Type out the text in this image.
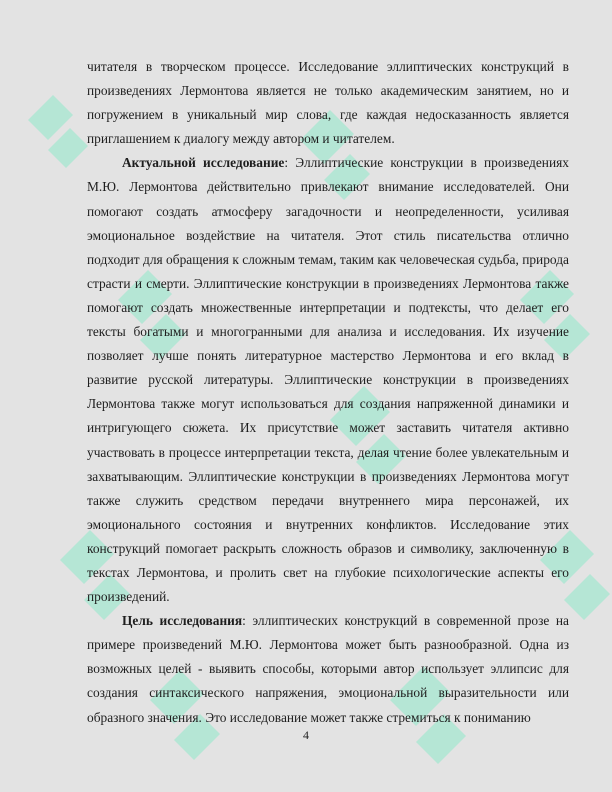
читателя в творческом процессе. Исследование эллиптических конструкций в произведениях Лермонтова является не только академическим занятием, но и погружением в уникальный мир слова, где каждая недосказанность является приглашением к диалогу между автором и читателем.

Актуальной исследование: Эллиптические конструкции в произведениях М.Ю. Лермонтова действительно привлекают внимание исследователей. Они помогают создать атмосферу загадочности и неопределенности, усиливая эмоциональное воздействие на читателя. Этот стиль писательства отлично подходит для обращения к сложным темам, таким как человеческая судьба, природа страсти и смерти. Эллиптические конструкции в произведениях Лермонтова также помогают создать множественные интерпретации и подтексты, что делает его тексты богатыми и многогранными для анализа и исследования. Их изучение позволяет лучше понять литературное мастерство Лермонтова и его вклад в развитие русской литературы. Эллиптические конструкции в произведениях Лермонтова также могут использоваться для создания напряженной динамики и интригующего сюжета. Их присутствие может заставить читателя активно участвовать в процессе интерпретации текста, делая чтение более увлекательным и захватывающим. Эллиптические конструкции в произведениях Лермонтова могут также служить средством передачи внутреннего мира персонажей, их эмоционального состояния и внутренних конфликтов. Исследование этих конструкций помогает раскрыть сложность образов и символику, заключенную в текстах Лермонтова, и пролить свет на глубокие психологические аспекты его произведений.

Цель исследования: эллиптических конструкций в современной прозе на примере произведений М.Ю. Лермонтова может быть разнообразной. Одна из возможных целей - выявить способы, которыми автор использует эллипсис для создания синтаксического напряжения, эмоциональной выразительности или образного значения. Это исследование может также стремиться к пониманию

4
